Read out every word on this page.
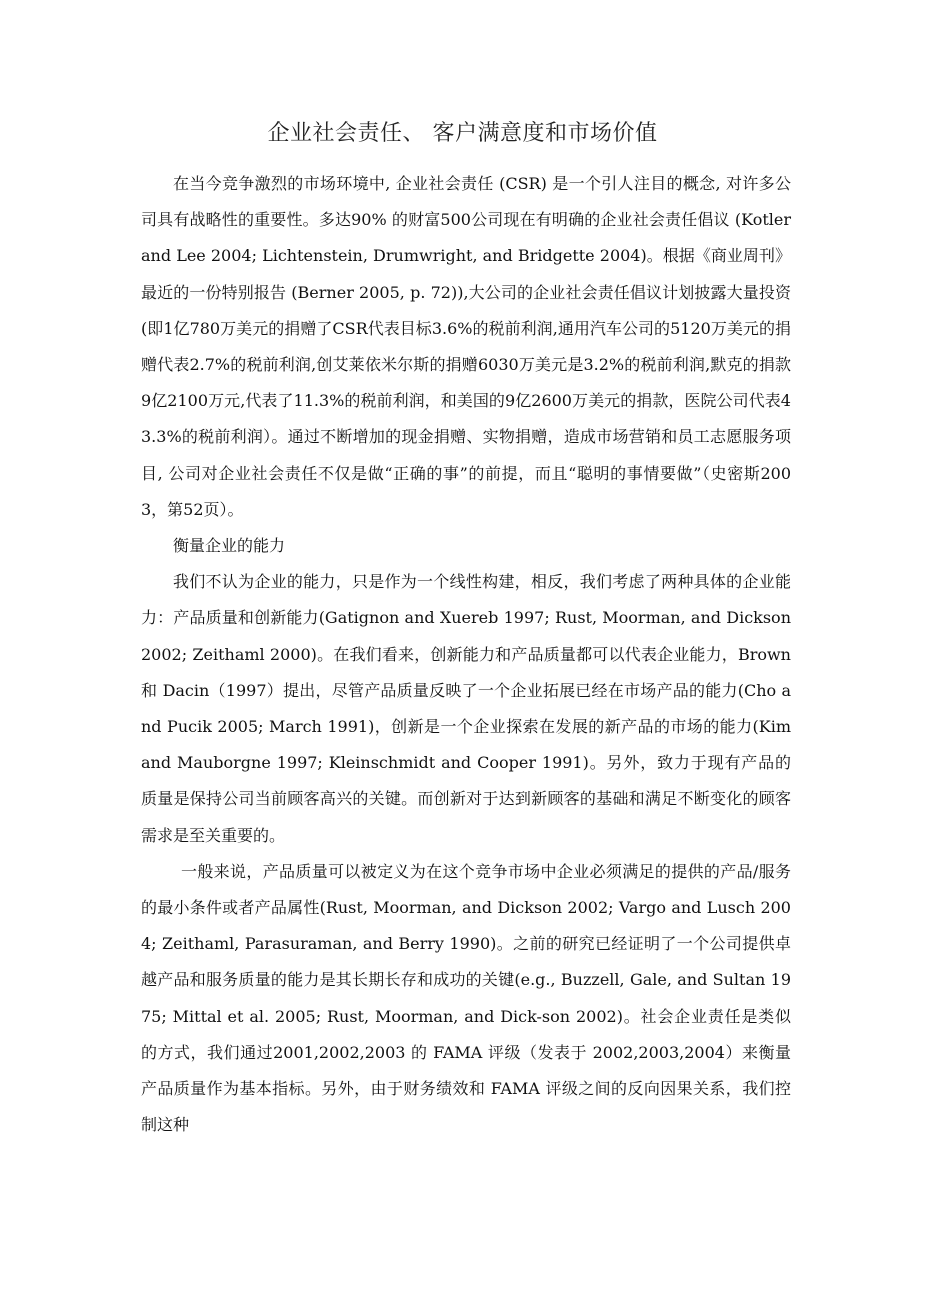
企业社会责任、 客户满意度和市场价值

在当今竞争激烈的市场环境中, 企业社会责任 (CSR) 是一个引人注目的概念, 对许多公司具有战略性的重要性。多达90% 的财富500公司现在有明确的企业社会责任倡议 (Kotler and Lee 2004; Lichtenstein, Drumwright, and Bridgette 2004)。根据《商业周刊》最近的一份特别报告 (Berner 2005, p. 72)),大公司的企业社会责任倡议计划披露大量投资 (即1亿780万美元的捐赠了CSR代表目标3.6%的税前利润,通用汽车公司的5120万美元的捐赠代表2.7%的税前利润,创艾莱依米尔斯的捐赠6030万美元是3.2%的税前利润,默克的捐款9亿2100万元,代表了11.3%的税前利润，和美国的9亿2600万美元的捐款，医院公司代表43.3%的税前利润）。通过不断增加的现金捐赠、实物捐赠，造成市场营销和员工志愿服务项目, 公司对企业社会责任不仅是做“正确的事”的前提，而且“聪明的事情要做”（史密斯2003，第52页）。

衡量企业的能力

我们不认为企业的能力，只是作为一个线性构建，相反，我们考虑了两种具体的企业能力：产品质量和创新能力(Gatignon and Xuereb 1997; Rust, Moorman, and Dickson 2002; Zeithaml 2000)。在我们看来，创新能力和产品质量都可以代表企业能力，Brown 和 Dacin（1997）提出，尽管产品质量反映了一个企业拓展已经在市场产品的能力(Cho and Pucik 2005; March 1991)，创新是一个企业探索在发展的新产品的市场的能力(Kim and Mauborgne 1997; Kleinschmidt and Cooper 1991)。另外，致力于现有产品的质量是保持公司当前顾客高兴的关键。而创新对于达到新顾客的基础和满足不断变化的顾客需求是至关重要的。

一般来说，产品质量可以被定义为在这个竞争市场中企业必须满足的提供的产品/服务的最小条件或者产品属性(Rust, Moorman, and Dickson 2002; Vargo and Lusch 2004; Zeithaml, Parasuraman, and Berry 1990)。之前的研究已经证明了一个公司提供卓越产品和服务质量的能力是其长期长存和成功的关键(e.g., Buzzell, Gale, and Sultan 1975; Mittal et al. 2005; Rust, Moorman, and Dick-son 2002)。社会企业责任是类似的方式，我们通过2001,2002,2003 的 FAMA 评级（发表于 2002,2003,2004）来衡量产品质量作为基本指标。另外，由于财务绩效和 FAMA 评级之间的反向因果关系，我们控制这种
